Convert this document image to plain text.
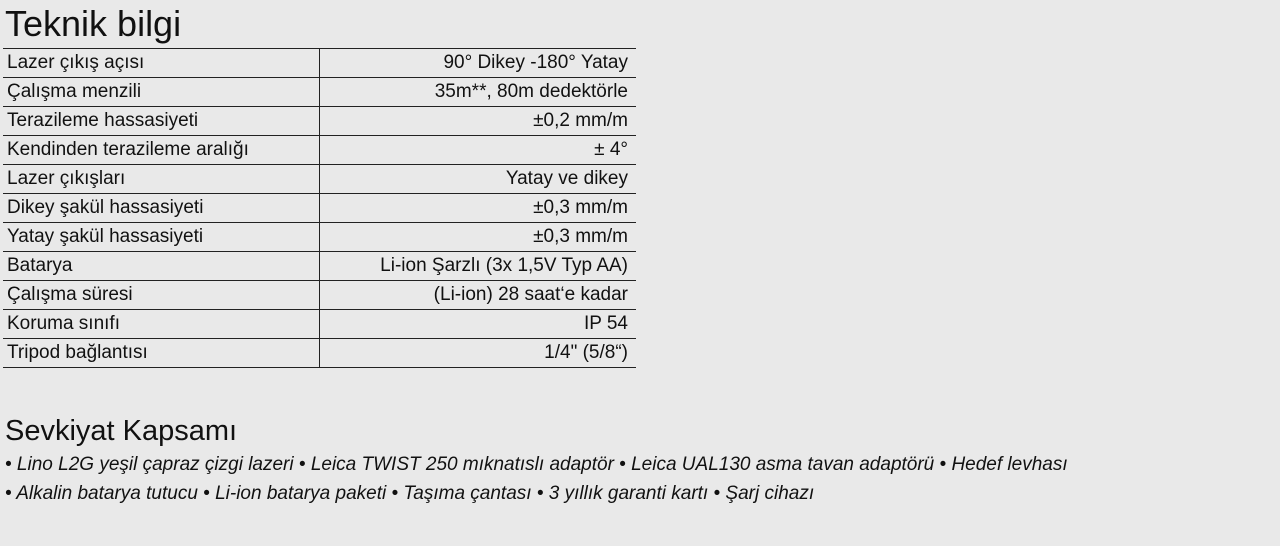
Teknik bilgi
Lazer çıkış açısı	90° Dikey -180° Yatay
Çalışma menzili	35m**, 80m dedektörle
Terazileme hassasiyeti	±0,2 mm/m
Kendinden terazileme aralığı	± 4°
Lazer çıkışları	Yatay ve dikey
Dikey şakül hassasiyeti	±0,3 mm/m
Yatay şakül hassasiyeti	±0,3 mm/m
Batarya	Li-ion Şarzlı (3x 1,5V Typ AA)
Çalışma süresi	(Li-ion) 28 saat‘e kadar
Koruma sınıfı	IP 54
Tripod bağlantısı	1/4" (5/8“)
Sevkiyat Kapsamı

• Lino L2G yeşil çapraz çizgi lazeri • Leica TWIST 250 mıknatıslı adaptör • Leica UAL130 asma tavan adaptörü • Hedef levhası

• Alkalin batarya tutucu • Li-ion batarya paketi • Taşıma çantası • 3 yıllık garanti kartı • Şarj cihazı
